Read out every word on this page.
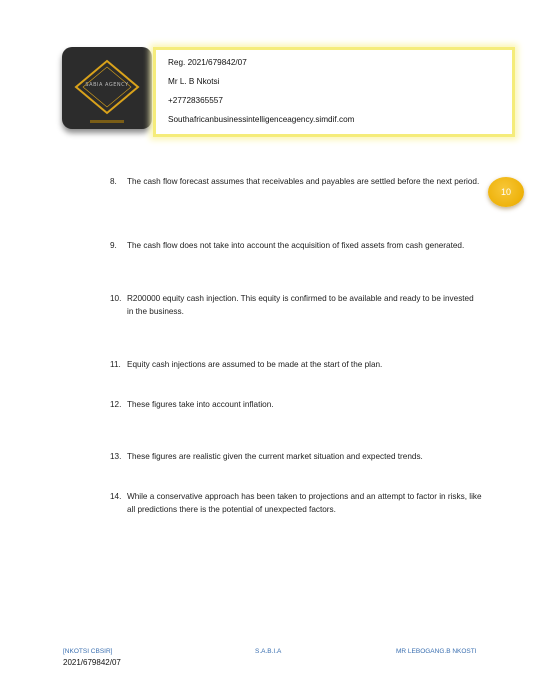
SABIA AGENCY
Reg. 2021/679842/07
Mr L. B Nkotsi
+27728365557
Southafricanbusinessintelligenceagency.simdif.com
10
8. The cash flow forecast assumes that receivables and payables are settled before the next period.
9. The cash flow does not take into account the acquisition of fixed assets from cash generated.
10. R200000 equity cash injection. This equity is confirmed to be available and ready to be invested in the business.
11. Equity cash injections are assumed to be made at the start of the plan.
12. These figures take into account inflation.
13. These figures are realistic given the current market situation and expected trends.
14. While a conservative approach has been taken to projections and an attempt to factor in risks, like all predictions there is the potential of unexpected factors.
[NKOTSI CBSIR]	S.A.B.I.A	MR LEBOGANG.B NKOSTI
2021/679842/07
